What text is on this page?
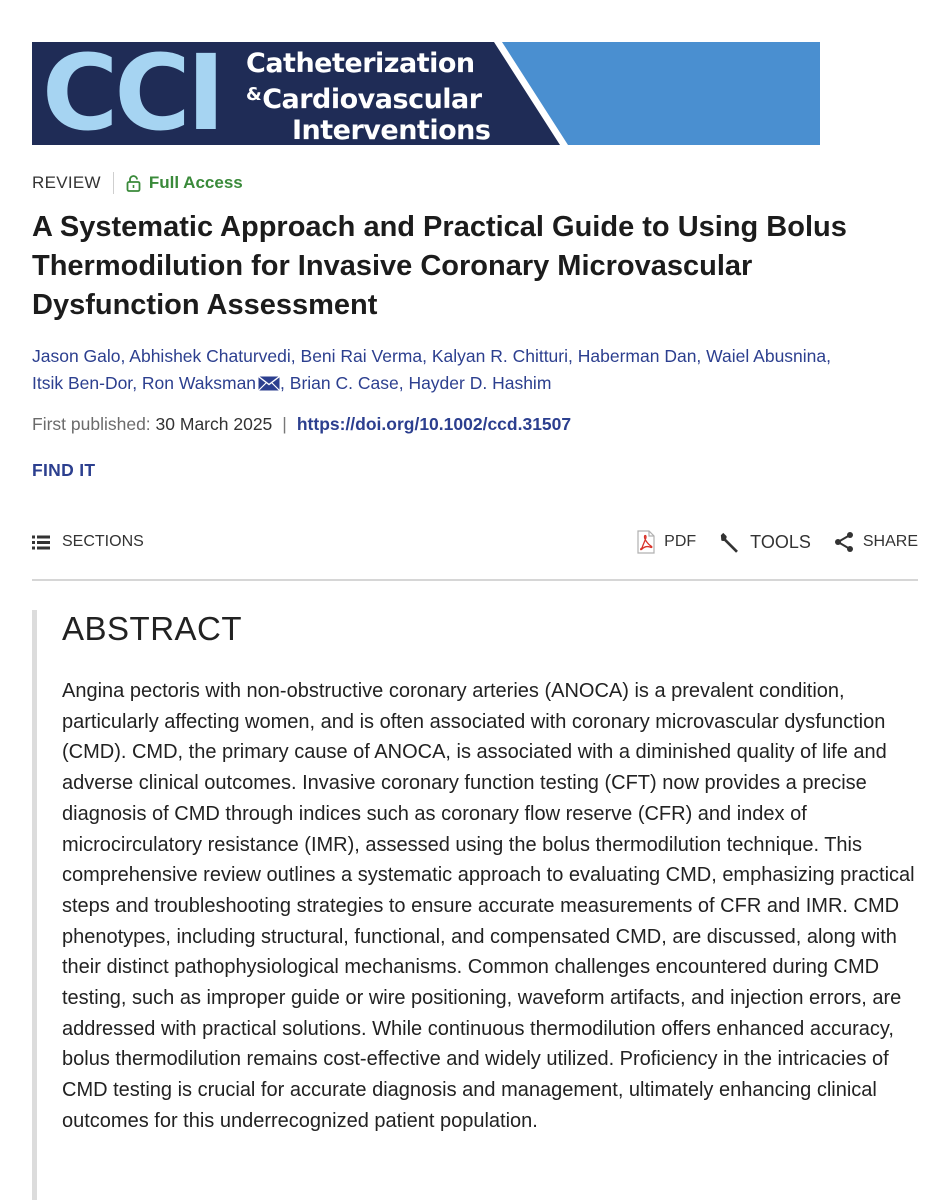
CCI Catheterization
&Cardiovascular
Interventions
REVIEW	Full Access
A Systematic Approach and Practical Guide to Using Bolus Thermodilution for Invasive Coronary Microvascular Dysfunction Assessment
Jason Galo, Abhishek Chaturvedi, Beni Rai Verma, Kalyan R. Chitturi, Haberman Dan, Waiel Abusnina,
Itsik Ben-Dor, Ron Waksman , Brian C. Case, Hayder D. Hashim
First published:
30 March 2025 | https://doi.org/10.1002/ccd.31507
FIND IT
SECTIONS	PDF	TOOLS	SHARE
ABSTRACT

Angina pectoris with non-obstructive coronary arteries (ANOCA) is a prevalent condition, particularly affecting women, and is often associated with coronary microvascular dysfunction (CMD). CMD, the primary cause of ANOCA, is associated with a diminished quality of life and adverse clinical outcomes. Invasive coronary function testing (CFT) now provides a precise diagnosis of CMD through indices such as coronary flow reserve (CFR) and index of microcirculatory resistance (IMR), assessed using the bolus thermodilution technique. This comprehensive review outlines a systematic approach to evaluating CMD, emphasizing practical steps and troubleshooting strategies to ensure accurate measurements of CFR and IMR. CMD phenotypes, including structural, functional, and compensated CMD, are discussed, along with their distinct pathophysiological mechanisms. Common challenges encountered during CMD testing, such as improper guide or wire positioning, waveform artifacts, and injection errors, are addressed with practical solutions. While continuous thermodilution offers enhanced accuracy, bolus thermodilution remains cost-effective and widely utilized. Proficiency in the intricacies of CMD testing is crucial for accurate diagnosis and management, ultimately enhancing clinical outcomes for this underrecognized patient population.
